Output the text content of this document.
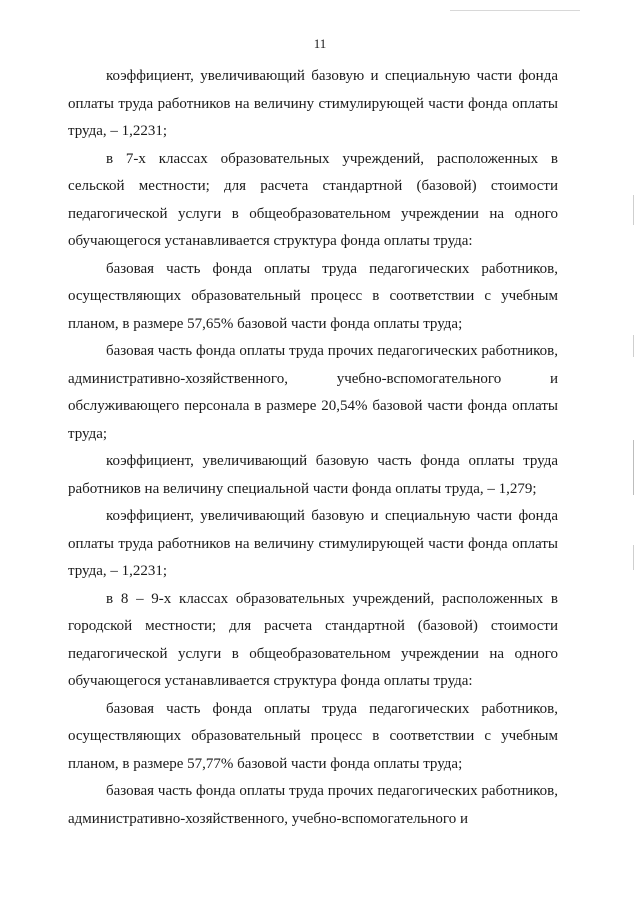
11

коэффициент, увеличивающий базовую и специальную части фонда оплаты труда работников на величину стимулирующей части фонда оплаты труда, – 1,2231;

в 7-х классах образовательных учреждений, расположенных в сельской местности; для расчета стандартной (базовой) стоимости педагогической услуги в общеобразовательном учреждении на одного обучающегося устанавливается структура фонда оплаты труда:

базовая часть фонда оплаты труда педагогических работников, осуществляющих образовательный процесс в соответствии с учебным планом, в размере 57,65% базовой части фонда оплаты труда;

базовая часть фонда оплаты труда прочих педагогических работников, административно-хозяйственного, учебно-вспомогательного и обслуживающего персонала в размере 20,54% базовой части фонда оплаты труда;

коэффициент, увеличивающий базовую часть фонда оплаты труда работников на величину специальной части фонда оплаты труда, – 1,279;

коэффициент, увеличивающий базовую и специальную части фонда оплаты труда работников на величину стимулирующей части фонда оплаты труда, – 1,2231;

в 8 – 9-х классах образовательных учреждений, расположенных в городской местности; для расчета стандартной (базовой) стоимости педагогической услуги в общеобразовательном учреждении на одного обучающегося устанавливается структура фонда оплаты труда:

базовая часть фонда оплаты труда педагогических работников, осуществляющих образовательный процесс в соответствии с учебным планом, в размере 57,77% базовой части фонда оплаты труда;

базовая часть фонда оплаты труда прочих педагогических работников, административно-хозяйственного, учебно-вспомогательного и
